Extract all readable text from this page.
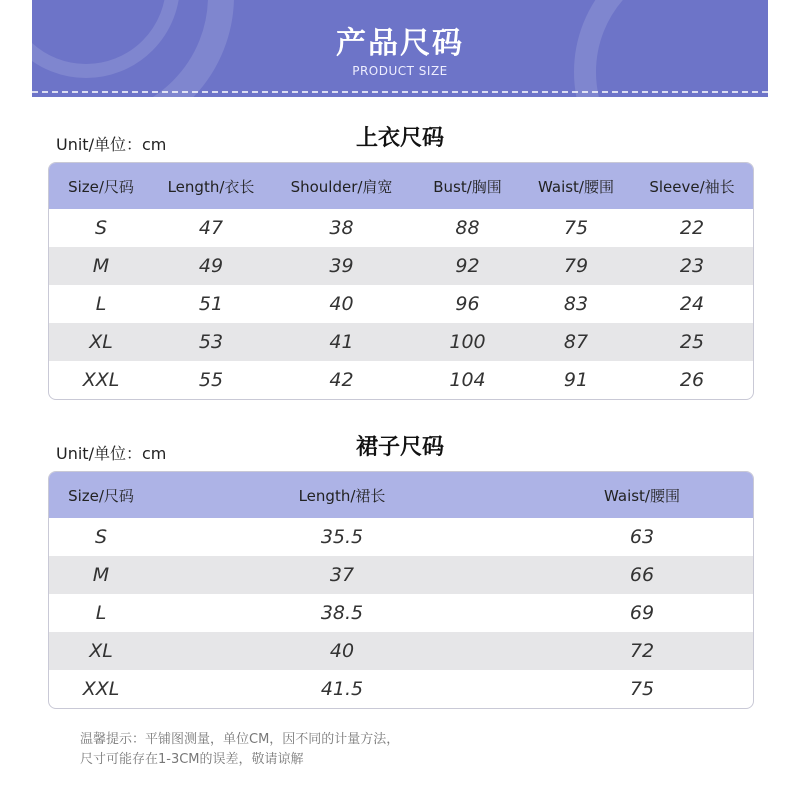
产品尺码
PRODUCT SIZE
Unit/单位：cm	上衣尺码
Size/尺码	Length/衣长	Shoulder/肩宽	Bust/胸围	Waist/腰围	Sleeve/袖长
S	47	38	88	75	22
M	49	39	92	79	23
L	51	40	96	83	24
XL	53	41	100	87	25
XXL	55	42	104	91	26
Unit/单位：cm	裙子尺码
Size/尺码	Length/裙长	Waist/腰围
S	35.5	63
M	37	66
L	38.5	69
XL	40	72
XXL	41.5	75
温馨提示：平铺图测量，单位CM，因不同的计量方法，
尺寸可能存在1-3CM的误差，敬请谅解
